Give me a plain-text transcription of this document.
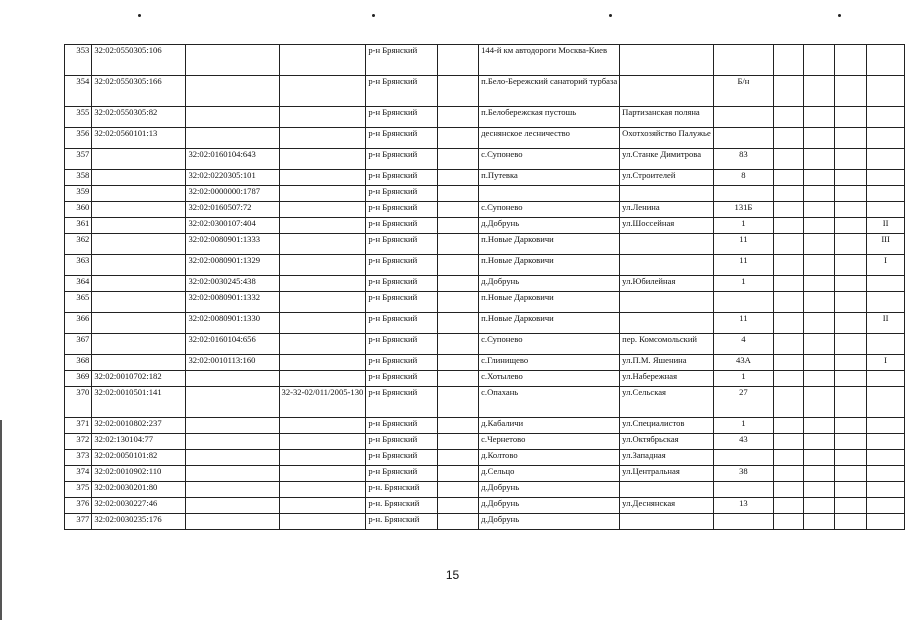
353	32:02:0550305:106			р-н Брянский		144-й км автодороги Москва-Киев						
354	32:02:0550305:166			р-н Брянский		п.Бело-Бережский санаторий турбаза		Б/н				
355	32:02:0550305:82			р-н Брянский		п.Белобережская пустошь	Партизанская поляна					
356	32:02:0560101:13			р-н Брянский		деснянское лесничество	Охотхозяйство Палужье					
357		32:02:0160104:643		р-н Брянский		с.Супонево	ул.Станке Димитрова	83				
358		32:02:0220305:101		р-н Брянский		п.Путевка	ул.Строителей	8				
359		32:02:0000000:1787		р-н Брянский								
360		32:02:0160507:72		р-н Брянский		с.Супонево	ул.Ленина	131Б				
361		32:02:0300107:404		р-н Брянский		д.Добрунь	ул.Шоссейная	1				II
362		32:02:0080901:1333		р-н Брянский		п.Новые Дарковичи		11				III
363		32:02:0080901:1329		р-н Брянский		п.Новые Дарковичи		11				I
364		32:02:0030245:438		р-н Брянский		д.Добрунь	ул.Юбилейная	1				
365		32:02:0080901:1332		р-н Брянский		п.Новые Дарковичи						
366		32:02:0080901:1330		р-н Брянский		п.Новые Дарковичи		11				II
367		32:02:0160104:656		р-н Брянский		с.Супонево	пер. Комсомольский	4				
368		32:02:0010113:160		р-н Брянский		с.Глинищево	ул.П.М. Яшенина	43А				I
369	32:02:0010702:182			р-н Брянский		с.Хотылево	ул.Набережная	1				
370	32:02:0010501:141		32-32-02/011/2005-130	р-н Брянский		с.Опахань	ул.Сельская	27				
371	32:02:0010802:237			р-н Брянский		д.Кабаличи	ул.Специалистов	1				
372	32:02:130104:77			р-н Брянский		с.Чернетово	ул.Октябрьская	43				
373	32:02:0050101:82			р-н Брянский		д.Колтово	ул.Западная					
374	32:02:0010902:110			р-н Брянский		д.Сельцо	ул.Центральная	38				
375	32:02:0030201:80			р-н. Брянский		д.Добрунь						
376	32:02:0030227:46			р-н. Брянский		д.Добрунь	ул.Деснянская	13				
377	32:02:0030235:176			р-н. Брянский		д.Добрунь						
15
